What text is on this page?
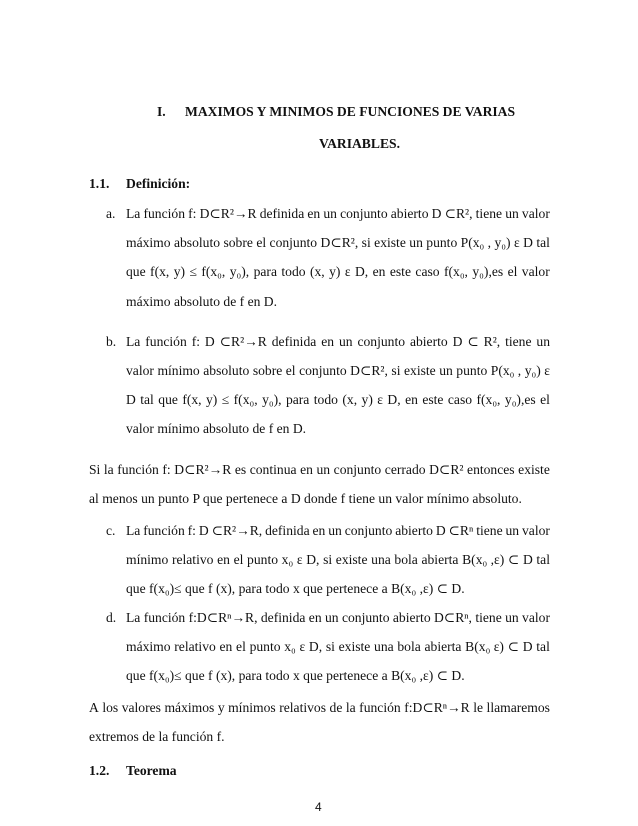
I. MAXIMOS Y MINIMOS DE FUNCIONES DE VARIAS
VARIABLES.
1.1. Definición:
a. La función f: D⊂R²→R definida en un conjunto abierto D ⊂R², tiene un valor
máximo absoluto sobre el conjunto D⊂R², si existe un punto P(x₀ , y₀) ε D tal
que f(x, y) ≤ f(x₀, y₀), para todo (x, y) ε D, en este caso f(x₀, y₀),es el valor
máximo absoluto de f en D.
b. La función f: D ⊂R²→R definida en un conjunto abierto D ⊂ R², tiene un
valor mínimo absoluto sobre el conjunto D⊂R², si existe un punto P(x₀ , y₀) ε
D tal que f(x, y) ≤ f(x₀, y₀), para todo (x, y) ε D, en este caso f(x₀, y₀),es el
valor mínimo absoluto de f en D.
Si la función f: D⊂R²→R es continua en un conjunto cerrado D⊂R² entonces existe
al menos un punto P que pertenece a D donde f tiene un valor mínimo absoluto.
c. La función f: D ⊂R²→R, definida en un conjunto abierto D ⊂Rⁿ tiene un valor
mínimo relativo en el punto x₀ ε D, si existe una bola abierta B(x₀ ,ε) ⊂ D tal
que f(x₀)≤ que f (x), para todo x que pertenece a B(x₀ ,ε) ⊂ D.
d. La función f:D⊂Rⁿ→R, definida en un conjunto abierto D⊂Rⁿ, tiene un valor
máximo relativo en el punto x₀ ε D, si existe una bola abierta B(x₀ ε) ⊂ D tal
que f(x₀)≤ que f (x), para todo x que pertenece a B(x₀ ,ε) ⊂ D.
A los valores máximos y mínimos relativos de la función f:D⊂Rⁿ→R le llamaremos
extremos de la función f.
1.2. Teorema
4
